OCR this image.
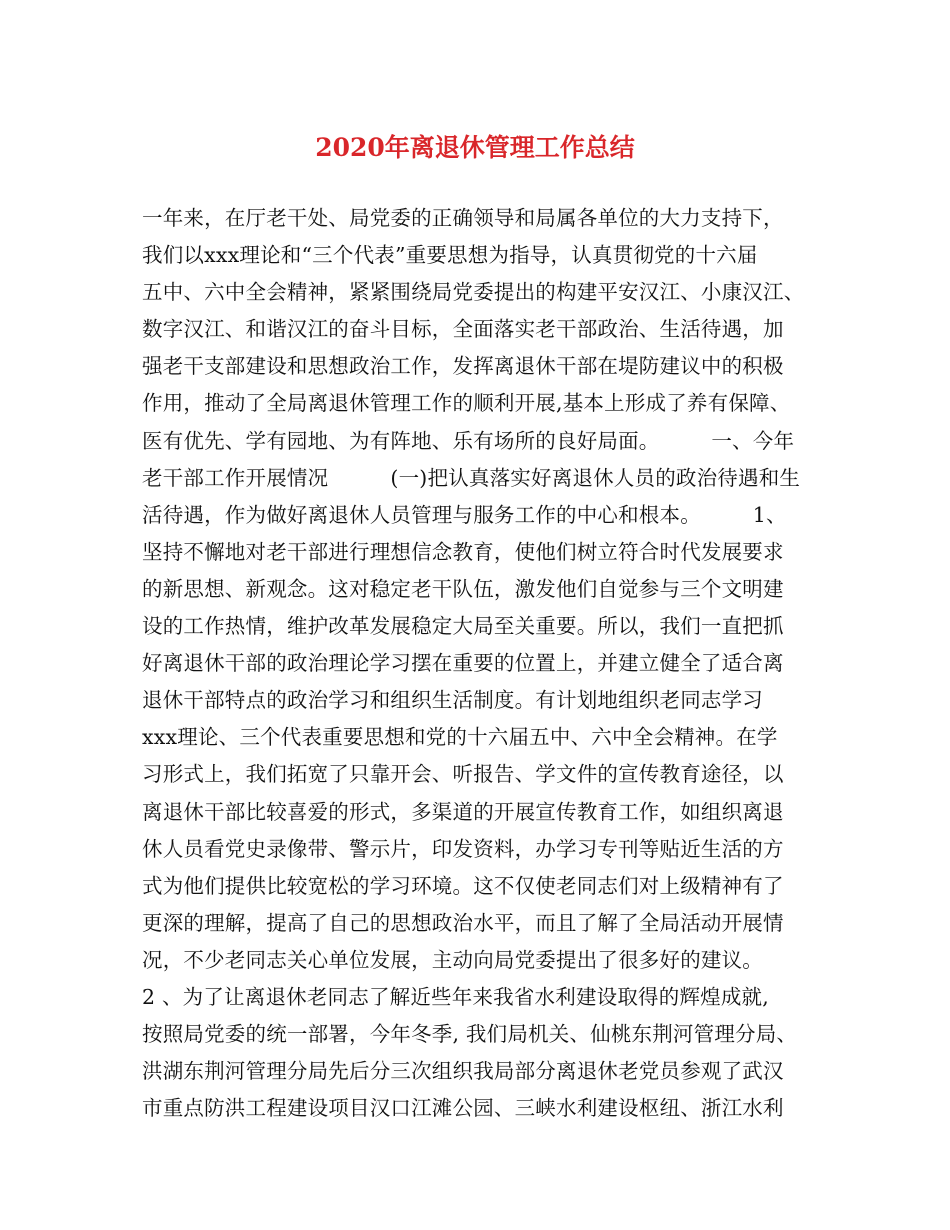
2020年离退休管理工作总结
一年来，在厅老干处、局党委的正确领导和局属各单位的大力支持下，
我们以xxx理论和“三个代表”重要思想为指导，认真贯彻党的十六届
五中、六中全会精神，紧紧围绕局党委提出的构建平安汉江、小康汉江、
数字汉江、和谐汉江的奋斗目标，全面落实老干部政治、生活待遇，加
强老干支部建设和思想政治工作，发挥离退休干部在堤防建议中的积极
作用，推动了全局离退休管理工作的顺利开展,基本上形成了养有保障、
医有优先、学有园地、为有阵地、乐有场所的良好局面。　　　一、今年
老干部工作开展情况　　　(一)把认真落实好离退休人员的政治待遇和生
活待遇，作为做好离退休人员管理与服务工作的中心和根本。　　　1、
坚持不懈地对老干部进行理想信念教育，使他们树立符合时代发展要求
的新思想、新观念。这对稳定老干队伍，激发他们自觉参与三个文明建
设的工作热情，维护改革发展稳定大局至关重要。所以，我们一直把抓
好离退休干部的政治理论学习摆在重要的位置上，并建立健全了适合离
退休干部特点的政治学习和组织生活制度。有计划地组织老同志学习
xxx理论、三个代表重要思想和党的十六届五中、六中全会精神。在学
习形式上，我们拓宽了只靠开会、听报告、学文件的宣传教育途径，以
离退休干部比较喜爱的形式，多渠道的开展宣传教育工作，如组织离退
休人员看党史录像带、警示片，印发资料，办学习专刊等贴近生活的方
式为他们提供比较宽松的学习环境。这不仅使老同志们对上级精神有了
更深的理解，提高了自己的思想政治水平，而且了解了全局活动开展情
况，不少老同志关心单位发展，主动向局党委提出了很多好的建议。
2 、为了让离退休老同志了解近些年来我省水利建设取得的辉煌成就,
按照局党委的统一部署，今年冬季, 我们局机关、仙桃东荆河管理分局、
洪湖东荆河管理分局先后分三次组织我局部分离退休老党员参观了武汉
市重点防洪工程建设项目汉口江滩公园、三峡水利建设枢纽、浙江水利
